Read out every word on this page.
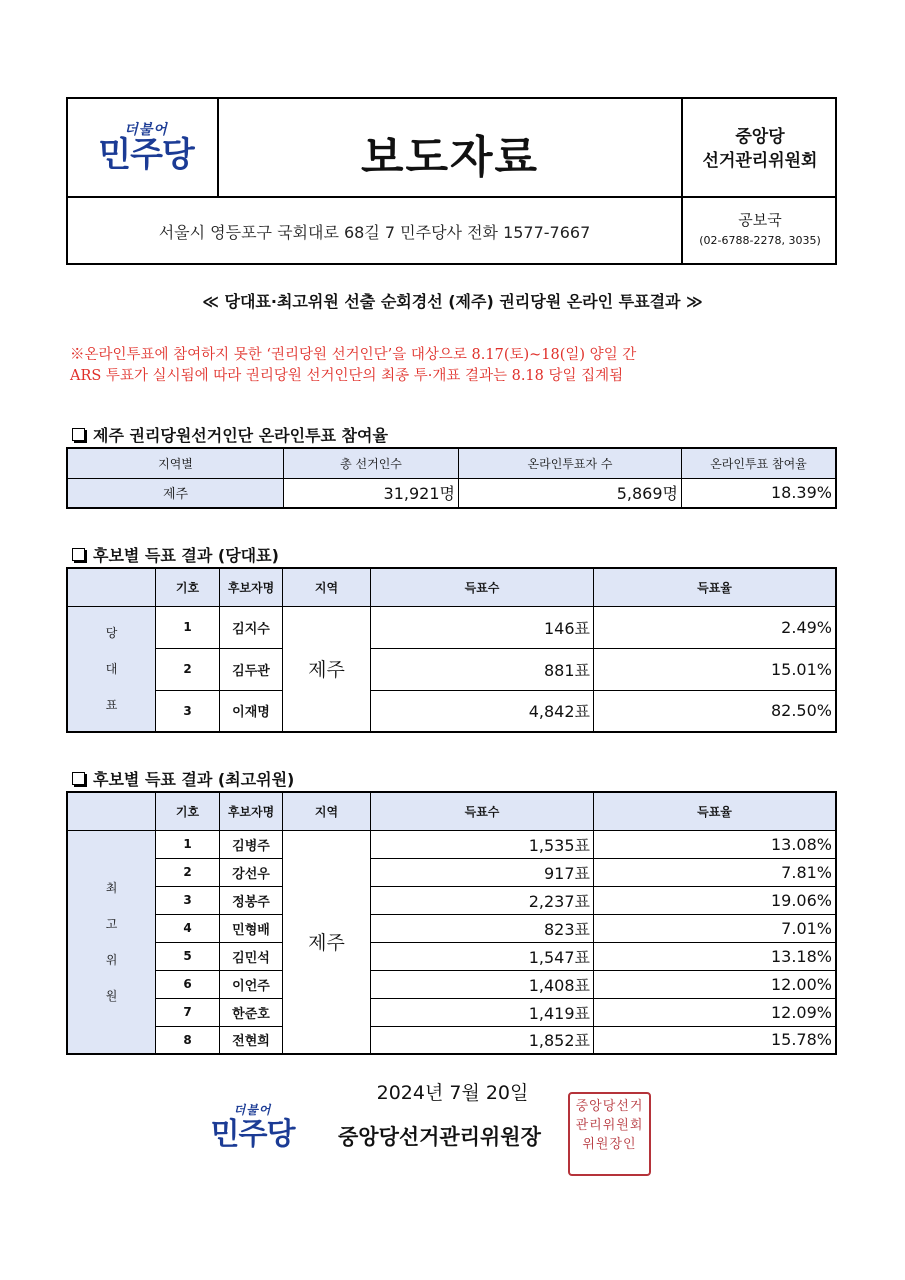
더불어
민주당	보도자료	중앙당
선거관리위원회
서울시 영등포구 국회대로 68길 7 민주당사 전화 1577-7667
공보국
(02-6788-2278, 3035)
≪ 당대표·최고위원 선출 순회경선 (제주) 권리당원 온라인 투표결과 ≫
※온라인투표에 참여하지 못한 ‘권리당원 선거인단’을 대상으로 8.17(토)~18(일) 양일 간
ARS 투표가 실시됨에 따라 권리당원 선거인단의 최종 투·개표 결과는 8.18 당일 집계됨
제주 권리당원선거인단 온라인투표 참여율
지역별	총 선거인수	온라인투표자 수	온라인투표 참여율
제주	31,921명	5,869명	18.39%
후보별 득표 결과 (당대표)
	기호	후보자명	지역	득표수	득표율

당
대
표	1	김지수	제주	146표	2.49%
	2	김두관		881표	15.01%
	3	이재명		4,842표	82.50%
후보별 득표 결과 (최고위원)
	기호	후보자명	지역	득표수	득표율

최
고
위
원	1	김병주	제주	1,535표	13.08%
	2	강선우		917표	7.81%
	3	정봉주		2,237표	19.06%
	4	민형배		823표	7.01%
	5	김민석		1,547표	13.18%
	6	이언주		1,408표	12.00%
	7	한준호		1,419표	12.09%
	8	전현희		1,852표	15.78%
2024년 7월 20일
더불어
민주당	중앙당선거관리위원장
중앙당선거관리위원회위원장인
